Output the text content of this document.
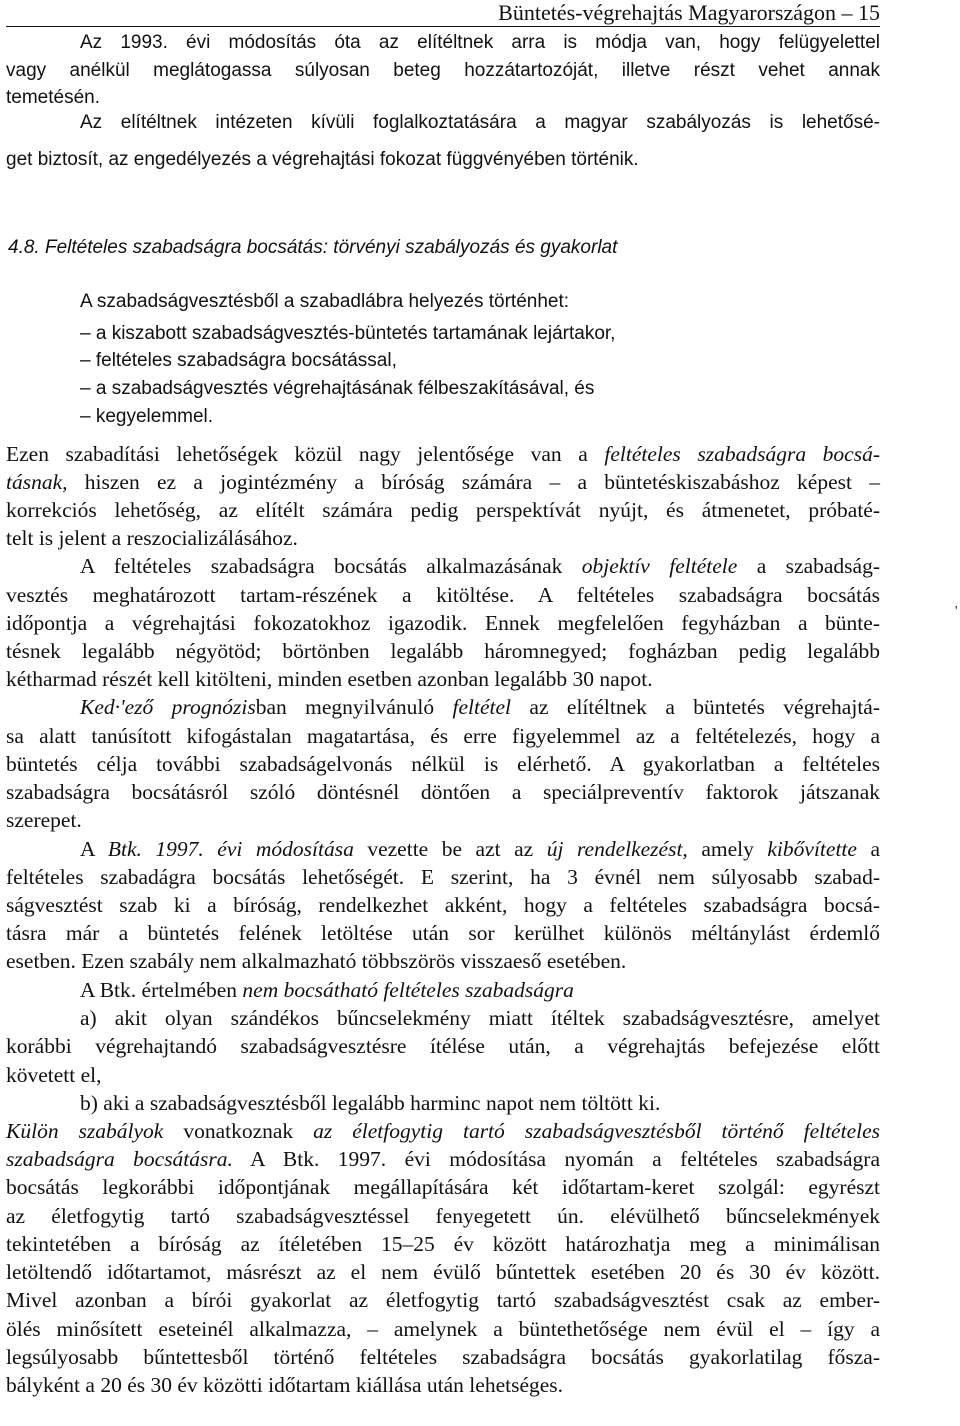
Büntetés-végrehajtás Magyarországon – 15
Az 1993. évi módosítás óta az elítéltnek arra is módja van, hogy felügyelettel
vagy anélkül meglátogassa súlyosan beteg hozzátartozóját, illetve részt vehet annak
temetésén.
Az elítéltnek intézeten kívüli foglalkoztatására a magyar szabályozás is lehetősé-
get biztosít, az engedélyezés a végrehajtási fokozat függvényében történik.
4.8. Feltételes szabadságra bocsátás: törvényi szabályozás és gyakorlat
A szabadságvesztésből a szabadlábra helyezés történhet:
– a kiszabott szabadságvesztés-büntetés tartamának lejártakor,
– feltételes szabadságra bocsátással,
– a szabadságvesztés végrehajtásának félbeszakításával, és
– kegyelemmel.
Ezen szabadítási lehetőségek közül nagy jelentősége van a feltételes szabadságra bocsá-
tásnak, hiszen ez a jogintézmény a bíróság számára – a büntetéskiszabáshoz képest –
korrekciós lehetőség, az elítélt számára pedig perspektívát nyújt, és átmenetet, próbaté-
telt is jelent a reszocializálásához.
A feltételes szabadságra bocsátás alkalmazásának objektív feltétele a szabadság-
vesztés meghatározott tartam-részének a kitöltése. A feltételes szabadságra bocsátás
időpontja a végrehajtási fokozatokhoz igazodik. Ennek megfelelően fegyházban a bünte-
tésnek legalább négyötöd; börtönben legalább háromnegyed; fogházban pedig legalább
kétharmad részét kell kitölteni, minden esetben azonban legalább 30 napot.
Ked·'ező prognózisban megnyilvánuló feltétel az elítéltnek a büntetés végrehajtá-
sa alatt tanúsított kifogástalan magatartása, és erre figyelemmel az a feltételezés, hogy a
büntetés célja további szabadságelvonás nélkül is elérhető. A gyakorlatban a feltételes
szabadságra bocsátásról szóló döntésnél döntően a speciálpreventív faktorok játszanak
szerepet.
A Btk. 1997. évi módosítása vezette be azt az új rendelkezést, amely kibővítette a
feltételes szabadágra bocsátás lehetőségét. E szerint, ha 3 évnél nem súlyosabb szabad-
ságvesztést szab ki a bíróság, rendelkezhet akként, hogy a feltételes szabadságra bocsá-
tásra már a büntetés felének letöltése után sor kerülhet különös méltánylást érdemlő
esetben. Ezen szabály nem alkalmazható többszörös visszaeső esetében.
A Btk. értelmében nem bocsátható feltételes szabadságra
a) akit olyan szándékos bűncselekmény miatt ítéltek szabadságvesztésre, amelyet
korábbi végrehajtandó szabadságvesztésre ítélése után, a végrehajtás befejezése előtt
követett el,
b) aki a szabadságvesztésből legalább harminc napot nem töltött ki.
Külön szabályok vonatkoznak az életfogytig tartó szabadságvesztésből történő feltételes
szabadságra bocsátásra. A Btk. 1997. évi módosítása nyomán a feltételes szabadságra
bocsátás legkorábbi időpontjának megállapítására két időtartam-keret szolgál: egyrészt
az életfogytig tartó szabadságvesztéssel fenyegetett ún. elévülhető bűncselekmények
tekintetében a bíróság az ítéletében 15–25 év között határozhatja meg a minimálisan
letöltendő időtartamot, másrészt az el nem évülő bűntettek esetében 20 és 30 év között.
Mivel azonban a bírói gyakorlat az életfogytig tartó szabadságvesztést csak az ember-
ölés minősített eseteinél alkalmazza, – amelynek a büntethetősége nem évül el – így a
legsúlyosabb bűntettesből történő feltételes szabadságra bocsátás gyakorlatilag fősza-
bályként a 20 és 30 év közötti időtartam kiállása után lehetséges.
'
